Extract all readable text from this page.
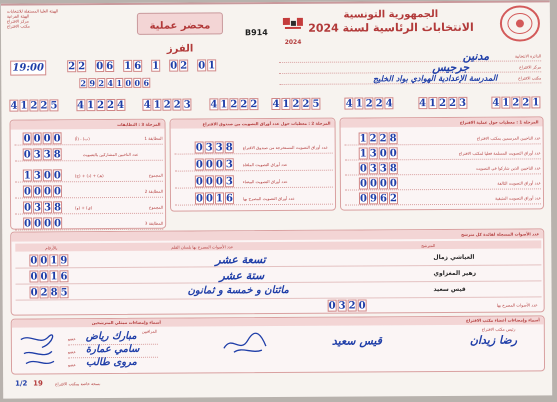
الهيئة العليا المستقلة للانتخابات
الهيئة الفرعية
مركز الاقتراع
مكتب الاقتراع	محضر عملية الفرز
B914
2024
الجمهورية التونسية
الانتخابات الرئاسية لسنة 2024
2 2 0 6 1 6 1 0 2 0 1
19:00
2 9 2 4 1 0 0 6
الدائرة الانتخابية
مدنين
مركز الاقتراع
جرجيس
مكتب الاقتراع
المدرسة الإعدادية الهوادي بواد الخليج
4 1 2 2 5 4 1 2 2 4 4 1 2 2 3 4 1 2 2 2 4 1 2 2 5	4 1 2 2 4	4 1 2 2 3	4 1 2 2 1
المرحلة 1 : معطيات حول عملية الاقتراع
1 2 2 8	عدد الناخبين المرسمين بمكتب الاقتراع
1 3 0 0	عدد أوراق التصويت المسلمة فعليا لمكتب الاقتراع
0 3 3 8	عدد الناخبين الذين شاركوا في التصويت
0 0 0 0	عدد أوراق التصويت التالفة
0 9 6 2	عدد أوراق التصويت المتبقية
المرحلة 2 : معطيات حول عدد أوراق التصويت من صندوق الاقتراع
0 3 3 8 عدد أوراق التصويت المستخرجة من صندوق الاقتراع
0 0 0 3 عدد أوراق التصويت الملغاة
0 0 0 3 عدد أوراق التصويت البيضاء
0 0 1 6 عدد أوراق التصويت المصرح بها
المرحلة 3 : التطابقات
0 0 0 0	(أ) - (ب)	المطابقة 1
0 3 3 8	عدد الناخبين المشاركين بالتصويت
1 3 0 0	(ج) + (د) + (هـ)	المجموع
0 0 0 0	المطابقة 2
0 3 3 8	(و) + (ي)	المجموع
0 0 0 0	المطابقة 3
عدد الأصوات المسجلة لفائدة كل مترشح
بالأرقام	عدد الأصوات المصرح بها بلسان القلم	المترشح
0 0 1 9	تسعة عشر	العياشي زمال
0 0 1 6	ستة عشر	زهير المغزاوي
0 2 8 5	مائتان و خمسة و ثمانون	قيس سعيد
0 3 2 0	عدد الأصوات المصرح بها
أسماء وإمضاءات أعضاء مكتب الاقتراع
أسماء وإمضاءات ممثلي المترشحين
رئيس مكتب الاقتراع
رضا زيدان
قيس سعيد
المراقبين
عضو مبارك رياض
عضو سامي عمارة
عضو مروى طالب
1/2 19	نسخة خاصة بمكتب الاقتراع
